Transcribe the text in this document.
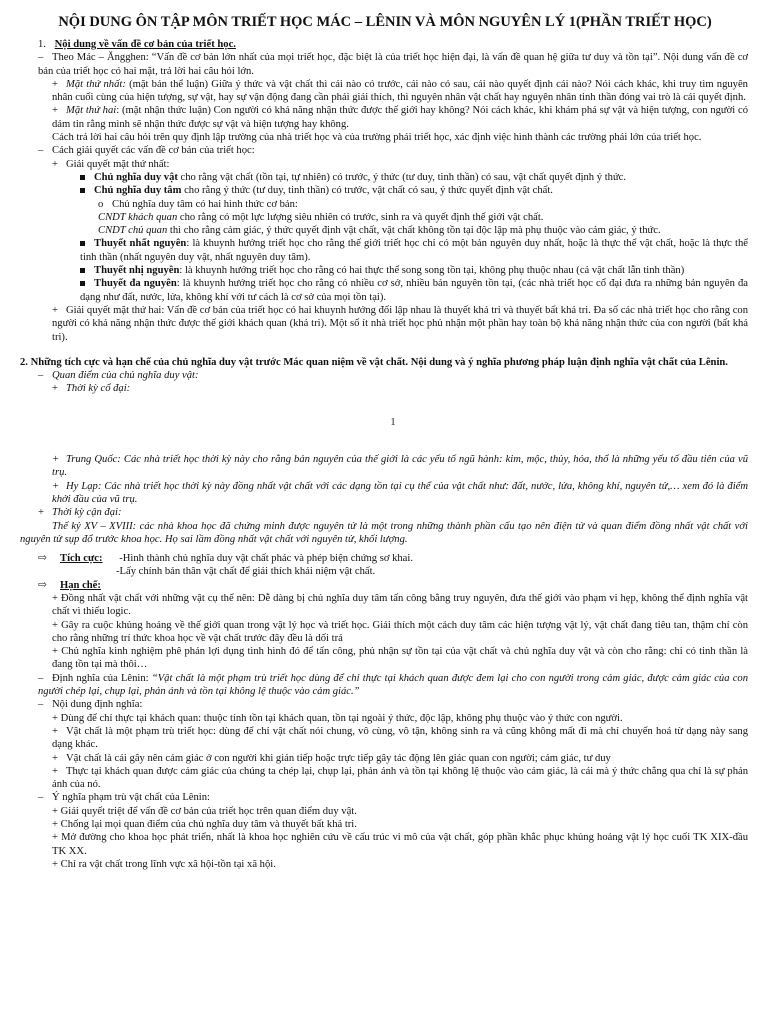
NỘI DUNG ÔN TẬP MÔN TRIẾT HỌC MÁC – LÊNIN VÀ MÔN NGUYÊN LÝ 1(PHẦN TRIẾT HỌC)

1. Nội dung về vấn đề cơ bản của triết học.

– Theo Mác – Ăngghen: “Vấn đề cơ bản lớn nhất của mọi triết học, đặc biệt là của triết học hiện đại, là vấn đề quan hệ giữa tư duy và tồn tại”. Nội dung vấn đề cơ bản của triết học có hai mặt, trả lời hai câu hỏi lớn.

+ Mặt thứ nhất: (mặt bản thể luận) Giữa ý thức và vật chất thì cái nào có trước, cái nào có sau, cái nào quyết định cái nào? Nói cách khác, khi truy tìm nguyên nhân cuối cùng của hiện tượng, sự vật, hay sự vận động đang cần phải giải thích, thì nguyên nhân vật chất hay nguyên nhân tinh thần đóng vai trò là cái quyết định.

+ Mặt thứ hai: (mặt nhận thức luận) Con người có khả năng nhận thức được thế giới hay không? Nói cách khác, khi khám phá sự vật và hiện tượng, con người có dám tin rằng mình sẽ nhận thức được sự vật và hiện tượng hay không.

Cách trả lời hai câu hỏi trên quy định lập trường của nhà triết học và của trường phái triết học, xác định việc hình thành các trường phái lớn của triết học.

– Cách giải quyết các vấn đề cơ bản của triết học:

+ Giải quyết mặt thứ nhất:

Chủ nghĩa duy vật cho rằng vật chất (tồn tại, tự nhiên) có trước, ý thức (tư duy, tinh thần) có sau, vật chất quyết định ý thức.

Chủ nghĩa duy tâm cho rằng ý thức (tư duy, tinh thần) có trước, vật chất có sau, ý thức quyết định vật chất.

o Chủ nghĩa duy tâm có hai hình thức cơ bản:

CNDT khách quan cho rằng có một lực lượng siêu nhiên có trước, sinh ra và quyết định thế giới vật chất.

CNDT chủ quan thì cho rằng cảm giác, ý thức quyết định vật chất, vật chất không tồn tại độc lập mà phụ thuộc vào cảm giác, ý thức.

Thuyết nhất nguyên: là khuynh hướng triết học cho rằng thế giới triết học chỉ có một bản nguyên duy nhất, hoặc là thực thể vật chất, hoặc là thực thể tinh thần (nhất nguyên duy vật, nhất nguyên duy tâm).

Thuyết nhị nguyên: là khuynh hướng triết học cho rằng có hai thực thể song song tồn tại, không phụ thuộc nhau (cả vật chất lẫn tinh thần)

Thuyết đa nguyên: là khuynh hướng triết học cho rằng có nhiều cơ sở, nhiều bản nguyên tồn tại, (các nhà triết học cổ đại đưa ra những bản nguyên đa dạng như đất, nước, lửa, không khí với tư cách là cơ sở của mọi tồn tại).

+ Giải quyết mặt thứ hai: Vấn đề cơ bản của triết học có hai khuynh hướng đối lập nhau là thuyết khả tri và thuyết bất khả tri. Đa số các nhà triết học cho rằng con người có khả năng nhận thức được thế giới khách quan (khả tri). Một số ít nhà triết học phủ nhận một phần hay toàn bộ khả năng nhận thức của con người (bất khả tri).

2. Những tích cực và hạn chế của chủ nghĩa duy vật trước Mác quan niệm về vật chất. Nội dung và ý nghĩa phương pháp luận định nghĩa vật chất của Lênin.

– Quan điểm của chủ nghĩa duy vật:

+ Thời kỳ cổ đại:

1

+ Trung Quốc: Các nhà triết học thời kỳ này cho rằng bản nguyên của thế giới là các yếu tố ngũ hành: kim, mộc, thủy, hỏa, thổ là những yếu tố đầu tiên của vũ trụ.

+ Hy Lạp: Các nhà triết học thời kỳ này đồng nhất vật chất với các dạng tồn tại cụ thể của vật chất như: đất, nước, lửa, không khí, nguyên tử,… xem đó là điểm khởi đầu của vũ trụ.

+ Thời kỳ cận đại:

Thế kỷ XV – XVIII: các nhà khoa học đã chứng minh được nguyên tử là một trong những thành phần cấu tạo nên điện tử và quan điểm đồng nhất vật chất với nguyên tử sụp đổ trước khoa học. Họ sai lầm đồng nhất vật chất với nguyên tử, khối lượng.

⇨ Tích cực: -Hình thành chủ nghĩa duy vật chất phác và phép biện chứng sơ khai.

-Lấy chính bản thân vật chất để giải thích khái niệm vật chất.

⇨ Hạn chế:

+ Đồng nhất vật chất với những vật cụ thể nên: Dễ dàng bị chủ nghĩa duy tâm tấn công bằng truy nguyên, đưa thế giới vào phạm vi hẹp, không thể định nghĩa vật chất vì thiếu logic.

+ Gây ra cuộc khủng hoảng về thế giới quan trong vật lý học và triết học. Giải thích một cách duy tâm các hiện tượng vật lý, vật chất đang tiêu tan, thậm chí còn cho rằng những trí thức khoa học về vật chất trước đây đều là dối trá

+ Chủ nghĩa kinh nghiệm phê phán lợi dụng tình hình đó để tấn công, phủ nhận sự tồn tại của vật chất và chủ nghĩa duy vật và còn cho rằng: chỉ có tinh thần là đang tồn tại mà thôi…

– Định nghĩa của Lênin: “Vật chất là một phạm trù triết học dùng để chỉ thực tại khách quan được đem lại cho con người trong cảm giác, được cảm giác của con người chép lại, chụp lại, phản ánh và tồn tại không lệ thuộc vào cảm giác.”

– Nội dung định nghĩa:

+ Dùng để chỉ thực tại khách quan: thuộc tính tồn tại khách quan, tồn tại ngoài ý thức, độc lập, không phụ thuộc vào ý thức con người.

+ Vật chất là một phạm trù triết học: dùng để chỉ vật chất nói chung, vô cùng, vô tận, không sinh ra và cũng không mất đi mà chỉ chuyển hoá từ dạng này sang dạng khác.

+ Vật chất là cái gây nên cảm giác ở con người khi gián tiếp hoặc trực tiếp gây tác động lên giác quan con người; cảm giác, tư duy

+ Thực tại khách quan được cảm giác của chúng ta chép lại, chụp lại, phản ánh và tồn tại không lệ thuộc vào cảm giác, là cái mà ý thức chẳng qua chỉ là sự phản ánh của nó.

– Ý nghĩa phạm trù vật chất của Lênin:

+ Giải quyết triệt để vấn đề cơ bản của triết học trên quan điểm duy vật.

+ Chống lại mọi quan điểm của chủ nghĩa duy tâm và thuyết bất khả tri.

+ Mở đường cho khoa học phát triển, nhất là khoa học nghiên cứu về cấu trúc vi mô của vật chất, góp phần khắc phục khủng hoảng vật lý học cuối TK XIX-đầu TK XX.

+ Chỉ ra vật chất trong lĩnh vực xã hội-tồn tại xã hội.
